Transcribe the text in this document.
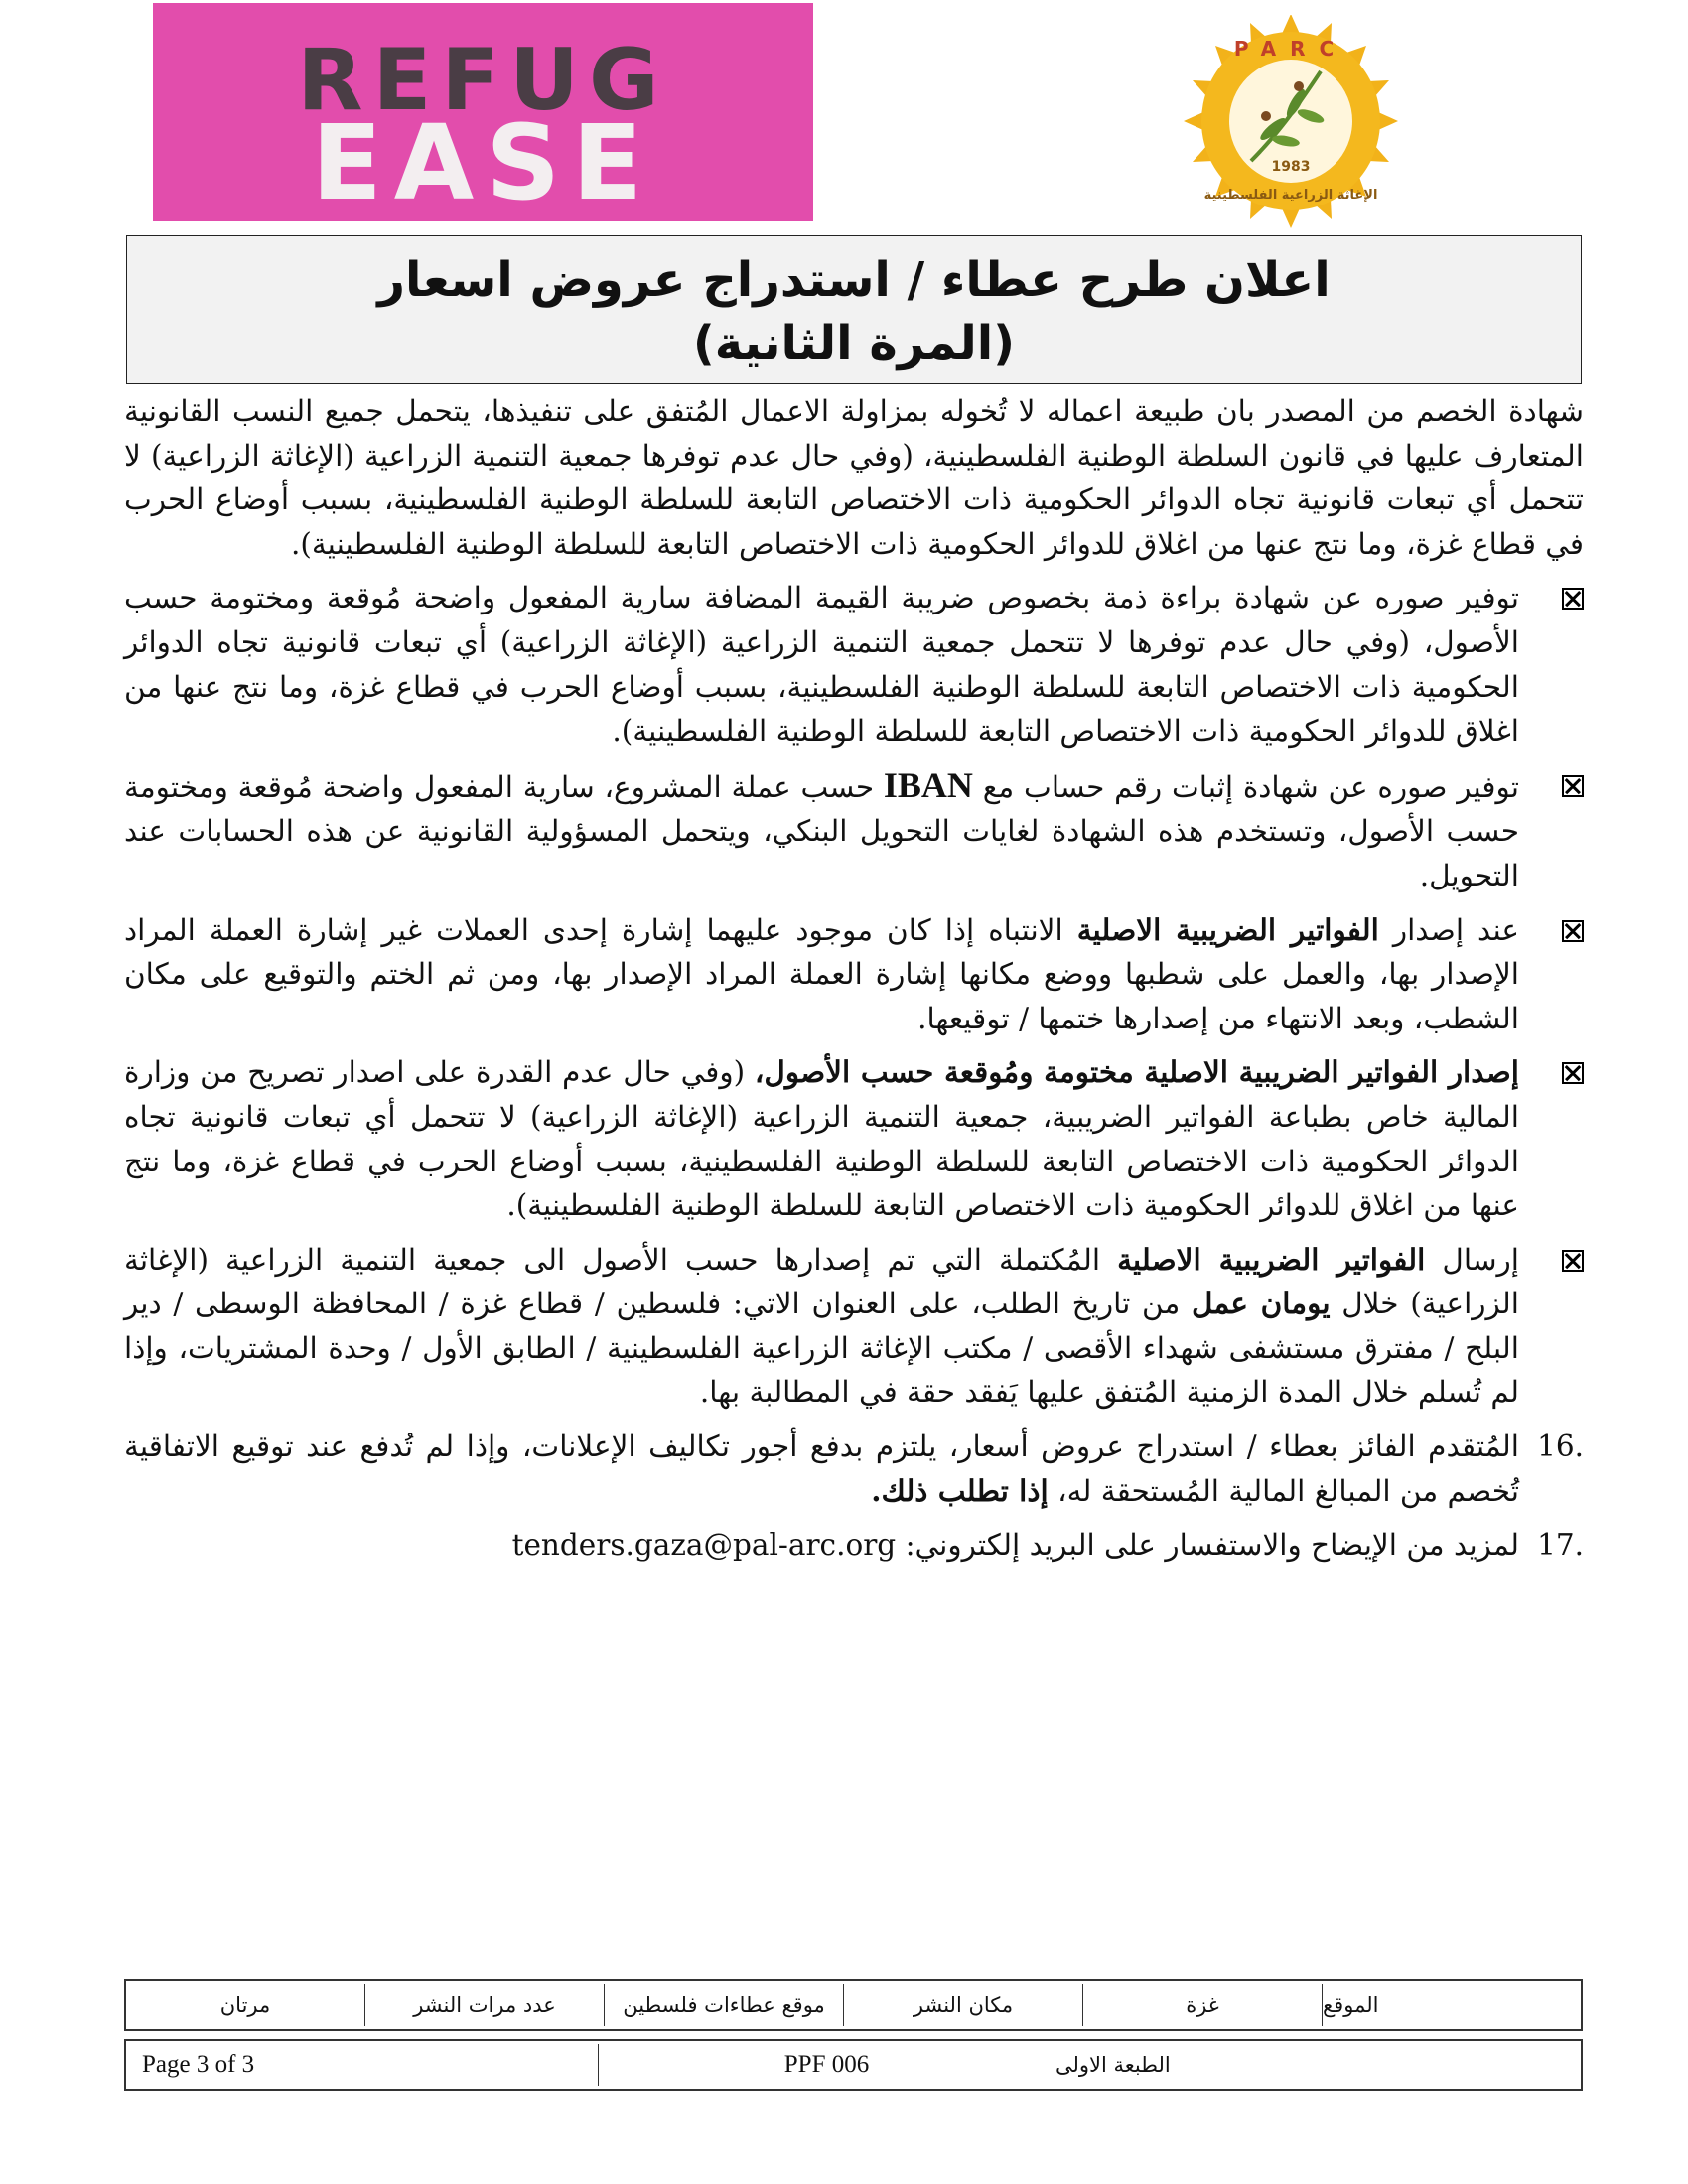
REFUG
EASE
PARC
1983
الإغاثة الزراعية الفلسطينية
اعلان طرح عطاء / استدراج عروض اسعار
(المرة الثانية)
شهادة الخصم من المصدر بان طبيعة اعماله لا تُخوله بمزاولة الاعمال المُتفق على تنفيذها، يتحمل جميع النسب القانونية المتعارف عليها في قانون السلطة الوطنية الفلسطينية، (وفي حال عدم توفرها جمعية التنمية الزراعية (الإغاثة الزراعية) لا تتحمل أي تبعات قانونية تجاه الدوائر الحكومية ذات الاختصاص التابعة للسلطة الوطنية الفلسطينية، بسبب أوضاع الحرب في قطاع غزة، وما نتج عنها من اغلاق للدوائر الحكومية ذات الاختصاص التابعة للسلطة الوطنية الفلسطينية).
توفير صوره عن شهادة براءة ذمة بخصوص ضريبة القيمة المضافة سارية المفعول واضحة مُوقعة ومختومة حسب الأصول، (وفي حال عدم توفرها لا تتحمل جمعية التنمية الزراعية (الإغاثة الزراعية) أي تبعات قانونية تجاه الدوائر الحكومية ذات الاختصاص التابعة للسلطة الوطنية الفلسطينية، بسبب أوضاع الحرب في قطاع غزة، وما نتج عنها من اغلاق للدوائر الحكومية ذات الاختصاص التابعة للسلطة الوطنية الفلسطينية).
توفير صوره عن شهادة إثبات رقم حساب مع IBAN حسب عملة المشروع، سارية المفعول واضحة مُوقعة ومختومة حسب الأصول، وتستخدم هذه الشهادة لغايات التحويل البنكي، ويتحمل المسؤولية القانونية عن هذه الحسابات عند التحويل.
عند إصدار الفواتير الضريبية الاصلية الانتباه إذا كان موجود عليهما إشارة إحدى العملات غير إشارة العملة المراد الإصدار بها، والعمل على شطبها ووضع مكانها إشارة العملة المراد الإصدار بها، ومن ثم الختم والتوقيع على مكان الشطب، وبعد الانتهاء من إصدارها ختمها / توقيعها.
إصدار الفواتير الضريبية الاصلية مختومة ومُوقعة حسب الأصول، (وفي حال عدم القدرة على اصدار تصريح من وزارة المالية خاص بطباعة الفواتير الضريبية، جمعية التنمية الزراعية (الإغاثة الزراعية) لا تتحمل أي تبعات قانونية تجاه الدوائر الحكومية ذات الاختصاص التابعة للسلطة الوطنية الفلسطينية، بسبب أوضاع الحرب في قطاع غزة، وما نتج عنها من اغلاق للدوائر الحكومية ذات الاختصاص التابعة للسلطة الوطنية الفلسطينية).
إرسال الفواتير الضريبية الاصلية المُكتملة التي تم إصدارها حسب الأصول الى جمعية التنمية الزراعية (الإغاثة الزراعية) خلال يومان عمل من تاريخ الطلب، على العنوان الاتي: فلسطين / قطاع غزة / المحافظة الوسطى / دير البلح / مفترق مستشفى شهداء الأقصى / مكتب الإغاثة الزراعية الفلسطينية / الطابق الأول / وحدة المشتريات، وإذا لم تُسلم خلال المدة الزمنية المُتفق عليها يَفقد حقة في المطالبة بها.
16.
المُتقدم الفائز بعطاء / استدراج عروض أسعار، يلتزم بدفع أجور تكاليف الإعلانات، وإذا لم تُدفع عند توقيع الاتفاقية تُخصم من المبالغ المالية المُستحقة له، إذا تطلب ذلك.
17.
لمزيد من الإيضاح والاستفسار على البريد إلكتروني: tenders.gaza@pal-arc.org
الموقع
غزة
مكان النشر
موقع عطاءات فلسطين
عدد مرات النشر
مرتان
Page 3 of 3	PPF 006	الطبعة الاولى
